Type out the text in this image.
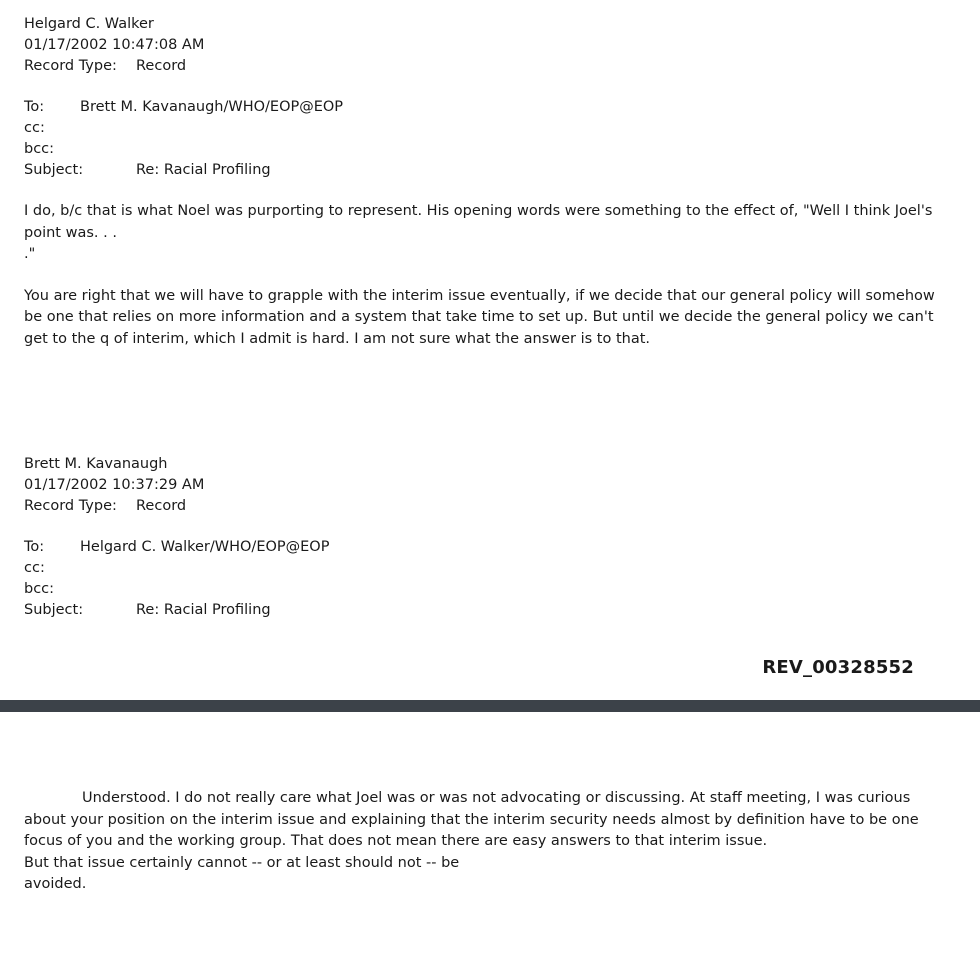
Helgard C. Walker
01/17/2002 10:47:08 AM
Record Type: Record
To: Brett M. Kavanaugh/WHO/EOP@EOP
cc:
bcc:
Subject:	Re: Racial Profiling
I do, b/c that is what Noel was purporting to represent. His opening words were something to the effect of, "Well I think Joel's point was. . .
."
You are right that we will have to grapple with the interim issue eventually, if we decide that our general policy will somehow be one that relies on more information and a system that take time to set up. But until we decide the general policy we can't get to the q of interim, which I admit is hard. I am not sure what the answer is to that.
Brett M. Kavanaugh
01/17/2002 10:37:29 AM
Record Type: Record
To: Helgard C. Walker/WHO/EOP@EOP
cc:
bcc:
Subject:	Re: Racial Profiling
REV_00328552
Understood. I do not really care what Joel was or was not advocating or discussing. At staff meeting, I was curious about your position on the interim issue and explaining that the interim security needs almost by definition have to be one focus of you and the working group. That does not mean there are easy answers to that interim issue.
But that issue certainly cannot -- or at least should not -- be
avoided.
